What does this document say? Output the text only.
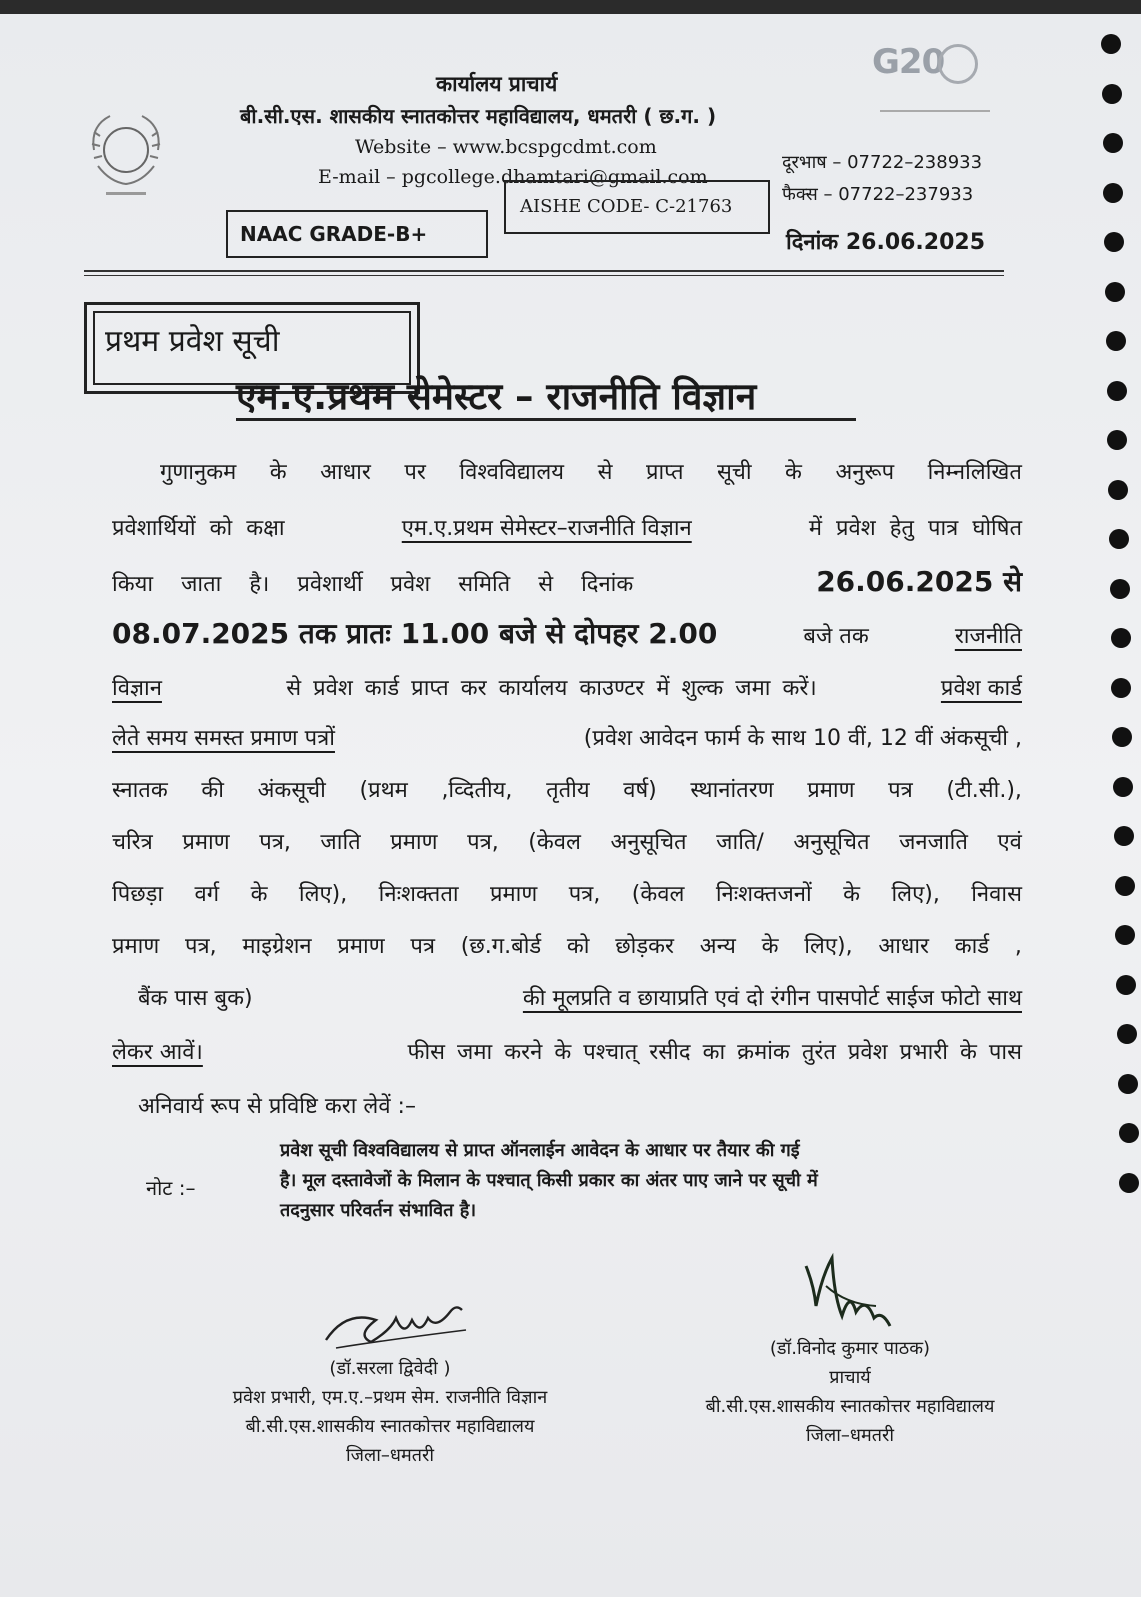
G20
कार्यालय प्राचार्य
बी.सी.एस. शासकीय स्नातकोत्तर महाविद्यालय, धमतरी ( छ.ग. )
Website – www.bcspgcdmt.com
E-mail – pgcollege.dhamtari@gmail.com
दूरभाष – 07722–238933
फैक्स – 07722–237933
NAAC GRADE-B+
AISHE CODE- C-21763
दिनांक 26.06.2025
प्रथम प्रवेश सूची
एम.ए.प्रथम सेमेस्टर – राजनीति विज्ञान
गुणानुकम के आधार पर विश्वविद्यालय से प्राप्त सूची के अनुरूप निम्नलिखित
प्रवेशार्थियों को कक्षा	एम.ए.प्रथम सेमेस्टर–राजनीति विज्ञान	में प्रवेश हेतु पात्र घोषित
किया जाता है। प्रवेशार्थी प्रवेश समिति से दिनांक	26.06.2025 से
08.07.2025 तक प्रातः 11.00 बजे से दोपहर 2.00	बजे तक	राजनीति
विज्ञान	से प्रवेश कार्ड प्राप्त कर कार्यालय काउण्टर में शुल्क जमा करें।	प्रवेश कार्ड
लेते समय समस्त प्रमाण पत्रों	(प्रवेश आवेदन फार्म के साथ 10 वीं, 12 वीं अंकसूची ,
स्नातक की अंकसूची (प्रथम ,व्दितीय, तृतीय वर्ष) स्थानांतरण प्रमाण पत्र (टी.सी.),
चरित्र प्रमाण पत्र, जाति प्रमाण पत्र, (केवल अनुसूचित जाति/ अनुसूचित जनजाति एवं
पिछड़ा वर्ग के लिए), निःशक्तता प्रमाण पत्र, (केवल निःशक्तजनों के लिए), निवास
प्रमाण पत्र, माइग्रेशन प्रमाण पत्र (छ.ग.बोर्ड को छोड़कर अन्य के लिए), आधार कार्ड ,
बैंक पास बुक)	की मूलप्रति व छायाप्रति एवं दो रंगीन पासपोर्ट साईज फोटो साथ
लेकर आवें।	फीस जमा करने के पश्चात् रसीद का क्रमांक तुरंत प्रवेश प्रभारी के पास
अनिवार्य रूप से प्रविष्टि करा लेवें :–
नोट :–
प्रवेश सूची विश्वविद्यालय से प्राप्त ऑनलाईन आवेदन के आधार पर तैयार की गई
है। मूल दस्तावेजों के मिलान के पश्चात् किसी प्रकार का अंतर पाए जाने पर सूची में
तदनुसार परिवर्तन संभावित है।
(डॉ.सरला द्विवेदी )
प्रवेश प्रभारी, एम.ए.–प्रथम सेम. राजनीति विज्ञान
बी.सी.एस.शासकीय स्नातकोत्तर महाविद्यालय
जिला–धमतरी
(डॉ.विनोद कुमार पाठक)
प्राचार्य
बी.सी.एस.शासकीय स्नातकोत्तर महाविद्यालय
जिला–धमतरी
